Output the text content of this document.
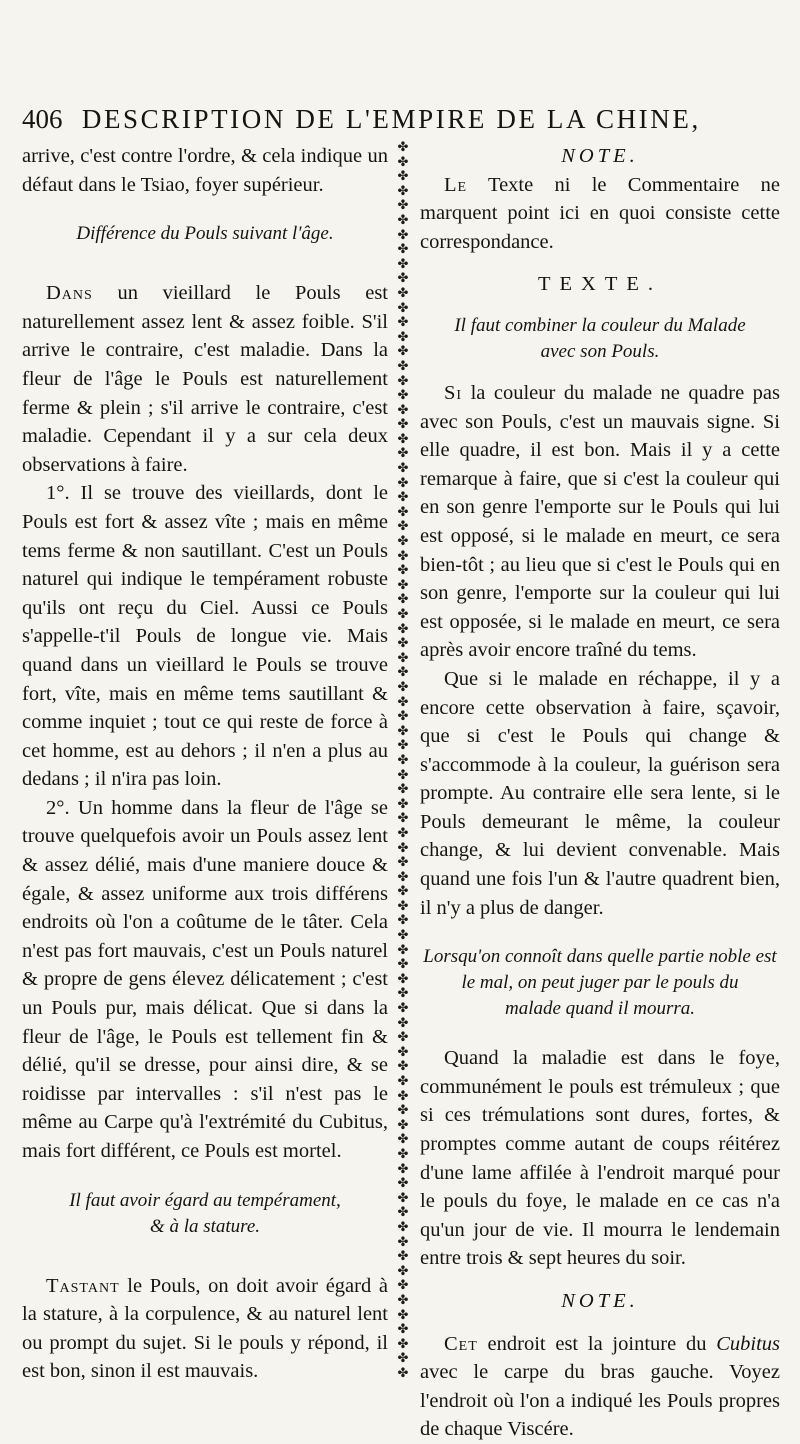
406 DESCRIPTION DE L'EMPIRE DE LA CHINE,

arrive, c'est contre l'ordre, & cela indique un défaut dans le Tsiao, foyer supérieur.

Différence du Pouls suivant l'âge.

Dans un vieillard le Pouls est naturellement assez lent & assez foible. S'il arrive le contraire, c'est maladie. Dans la fleur de l'âge le Pouls est naturellement ferme & plein ; s'il arrive le contraire, c'est maladie. Cependant il y a sur cela deux observations à faire.

1°. Il se trouve des vieillards, dont le Pouls est fort & assez vîte ; mais en même tems ferme & non sautillant. C'est un Pouls naturel qui indique le tempérament robuste qu'ils ont reçu du Ciel. Aussi ce Pouls s'appelle-t'il Pouls de longue vie. Mais quand dans un vieillard le Pouls se trouve fort, vîte, mais en même tems sautillant & comme inquiet ; tout ce qui reste de force à cet homme, est au dehors ; il n'en a plus au dedans ; il n'ira pas loin.

2°. Un homme dans la fleur de l'âge se trouve quelquefois avoir un Pouls assez lent & assez délié, mais d'une maniere douce & égale, & assez uniforme aux trois différens endroits où l'on a coûtume de le tâter. Cela n'est pas fort mauvais, c'est un Pouls naturel & propre de gens élevez délicatement ; c'est un Pouls pur, mais délicat. Que si dans la fleur de l'âge, le Pouls est tellement fin & délié, qu'il se dresse, pour ainsi dire, & se roidisse par intervalles : s'il n'est pas le même au Carpe qu'à l'extrémité du Cubitus, mais fort différent, ce Pouls est mortel.

Il faut avoir égard au tempérament,

& à la stature.

Tastant le Pouls, on doit avoir égard à la stature, à la corpulence, & au naturel lent ou prompt du sujet. Si le pouls y répond, il est bon, sinon il est mauvais.

✤
✤
✤
✤
✤
✤
✤
✤
✤
✤
✤
✤
✤
✤
✤
✤
✤
✤
✤
✤
✤
✤
✤
✤
✤
✤
✤
✤
✤
✤
✤
✤
✤
✤
✤
✤
✤
✤
✤
✤
✤
✤
✤
✤
✤
✤
✤
✤
✤
✤
✤
✤
✤
✤
✤
✤
✤
✤
✤
✤
✤
✤
✤
✤
✤
✤
✤
✤
✤
✤
✤
✤
✤
✤
✤
✤
✤
✤
✤
✤
✤
✤
✤
✤
✤

NOTE.

Le Texte ni le Commentaire ne marquent point ici en quoi consiste cette correspondance.

TEXTE.

Il faut combiner la couleur du Malade

avec son Pouls.

Si la couleur du malade ne quadre pas avec son Pouls, c'est un mauvais signe. Si elle quadre, il est bon. Mais il y a cette remarque à faire, que si c'est la couleur qui en son genre l'emporte sur le Pouls qui lui est opposé, si le malade en meurt, ce sera bien-tôt ; au lieu que si c'est le Pouls qui en son genre, l'emporte sur la couleur qui lui est opposée, si le malade en meurt, ce sera après avoir encore traîné du tems.

Que si le malade en réchappe, il y a encore cette observation à faire, sçavoir, que si c'est le Pouls qui change & s'accommode à la couleur, la guérison sera prompte. Au contraire elle sera lente, si le Pouls demeurant le même, la couleur change, & lui devient convenable. Mais quand une fois l'un & l'autre quadrent bien, il n'y a plus de danger.

Lorsqu'on connoît dans quelle partie noble est

le mal, on peut juger par le pouls du

malade quand il mourra.

Quand la maladie est dans le foye, communément le pouls est trémuleux ; que si ces trémulations sont dures, fortes, & promptes comme autant de coups réitérez d'une lame affilée à l'endroit marqué pour le pouls du foye, le malade en ce cas n'a qu'un jour de vie. Il mourra le lendemain entre trois & sept heures du soir.

NOTE.

Cet endroit est la jointure du Cubitus avec le carpe du bras gauche. Voyez l'endroit où l'on a indiqué les Pouls propres de chaque Viscére.
